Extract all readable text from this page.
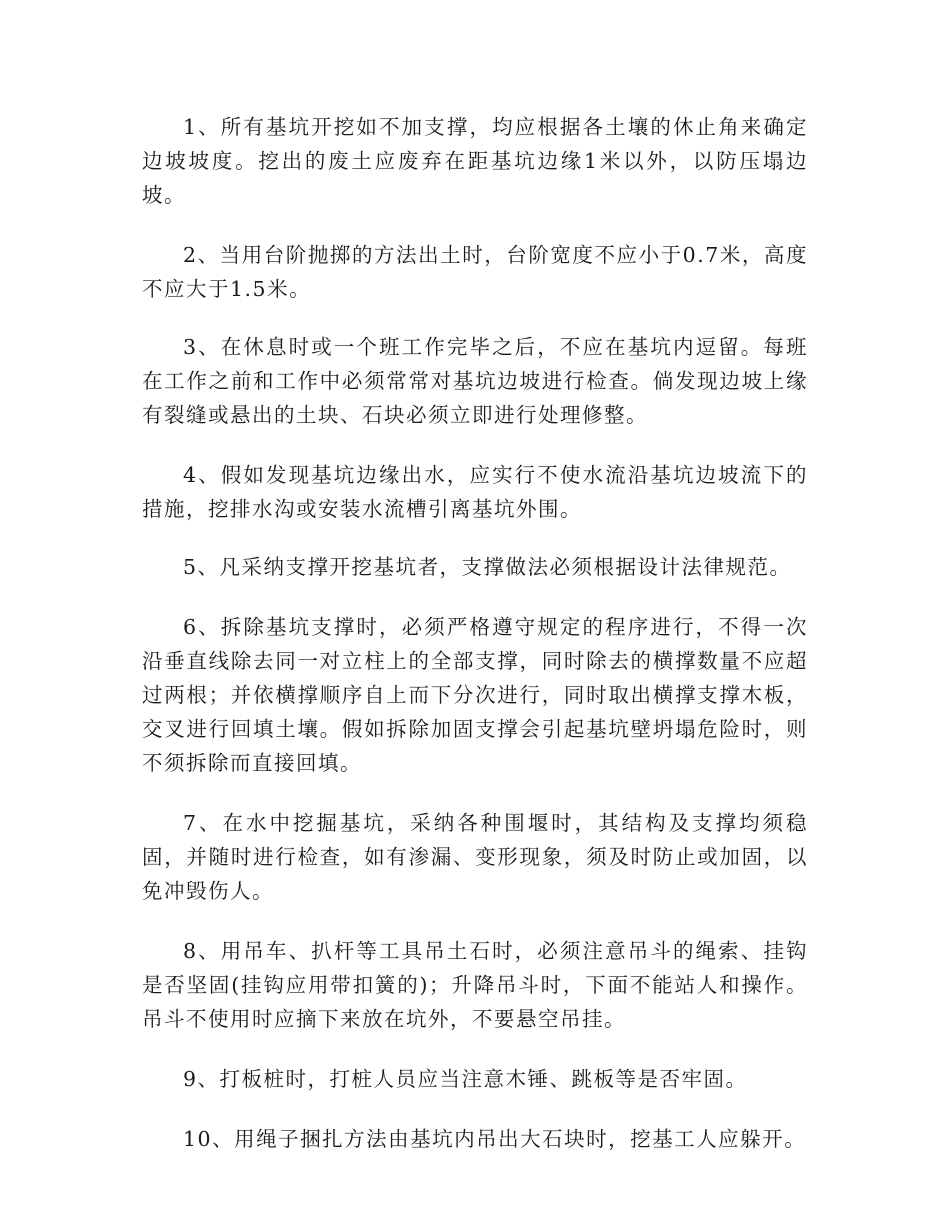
1、所有基坑开挖如不加支撑，均应根据各土壤的休止角来确定边坡坡度。挖出的废土应废弃在距基坑边缘1米以外，以防压塌边坡。

2、当用台阶抛掷的方法出土时，台阶宽度不应小于0.7米，高度不应大于1.5米。

3、在休息时或一个班工作完毕之后，不应在基坑内逗留。每班在工作之前和工作中必须常常对基坑边坡进行检查。倘发现边坡上缘有裂缝或悬出的土块、石块必须立即进行处理修整。

4、假如发现基坑边缘出水，应实行不使水流沿基坑边坡流下的措施，挖排水沟或安装水流槽引离基坑外围。

5、凡采纳支撑开挖基坑者，支撑做法必须根据设计法律规范。

6、拆除基坑支撑时，必须严格遵守规定的程序进行，不得一次沿垂直线除去同一对立柱上的全部支撑，同时除去的横撑数量不应超过两根；并依横撑顺序自上而下分次进行，同时取出横撑支撑木板，交叉进行回填土壤。假如拆除加固支撑会引起基坑壁坍塌危险时，则不须拆除而直接回填。

7、在水中挖掘基坑，采纳各种围堰时，其结构及支撑均须稳固，并随时进行检查，如有渗漏、变形现象，须及时防止或加固，以免冲毁伤人。

8、用吊车、扒杆等工具吊土石时，必须注意吊斗的绳索、挂钩是否坚固(挂钩应用带扣簧的)；升降吊斗时，下面不能站人和操作。吊斗不使用时应摘下来放在坑外，不要悬空吊挂。

9、打板桩时，打桩人员应当注意木锤、跳板等是否牢固。

10、用绳子捆扎方法由基坑内吊出大石块时，挖基工人应躲开。
